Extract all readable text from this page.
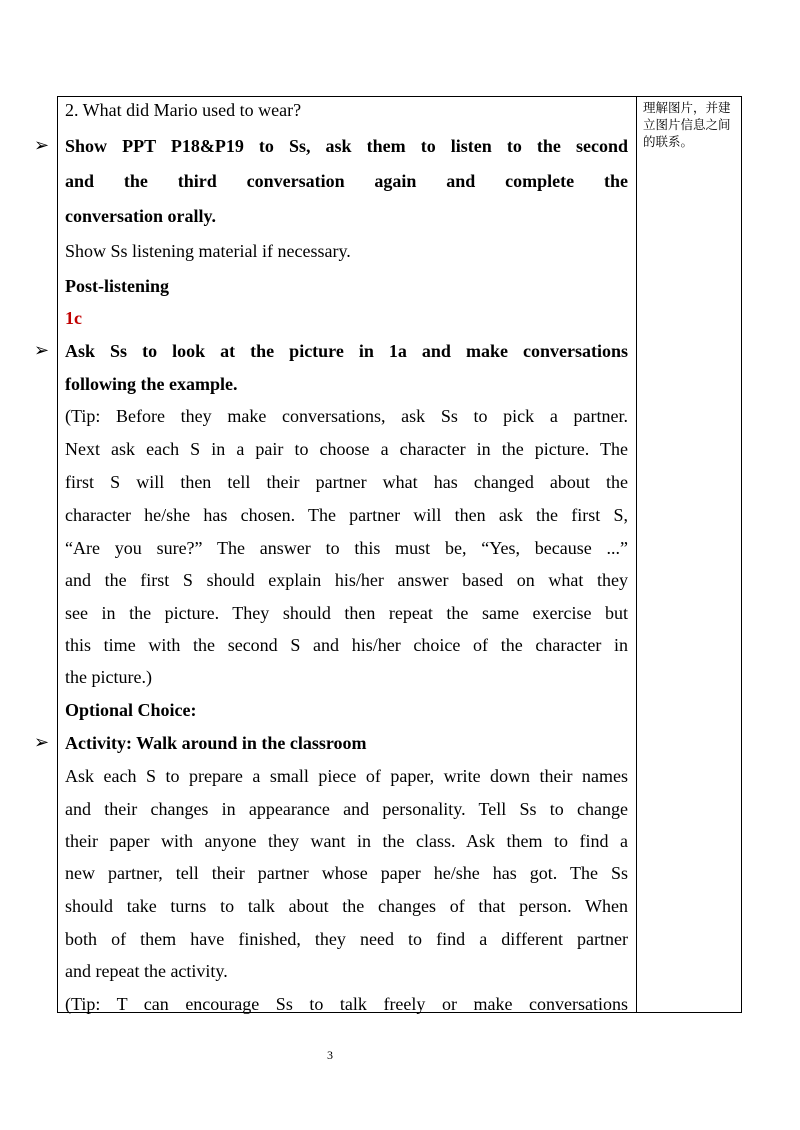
理解图片，并建立图片信息之间的联系。
➢
➢
➢
2. What did Mario used to wear?
Show PPT P18&P19 to Ss, ask them to listen to the second
and the third conversation again and complete the
conversation orally.
Show Ss listening material if necessary.
Post-listening
1c
Ask Ss to look at the picture in 1a and make conversations
following the example.
(Tip: Before they make conversations, ask Ss to pick a partner.
Next ask each S in a pair to choose a character in the picture. The
first S will then tell their partner what has changed about the
character he/she has chosen. The partner will then ask the first S,
“Are you sure?” The answer to this must be, “Yes, because ...”
and the first S should explain his/her answer based on what they
see in the picture. They should then repeat the same exercise but
this time with the second S and his/her choice of the character in
the picture.)
Optional Choice:
Activity: Walk around in the classroom
Ask each S to prepare a small piece of paper, write down their names
and their changes in appearance and personality. Tell Ss to change
their paper with anyone they want in the class. Ask them to find a
new partner, tell their partner whose paper he/she has got. The Ss
should take turns to talk about the changes of that person. When
both of them have finished, they need to find a different partner
and repeat the activity.
(Tip: T can encourage Ss to talk freely or make conversations
3
